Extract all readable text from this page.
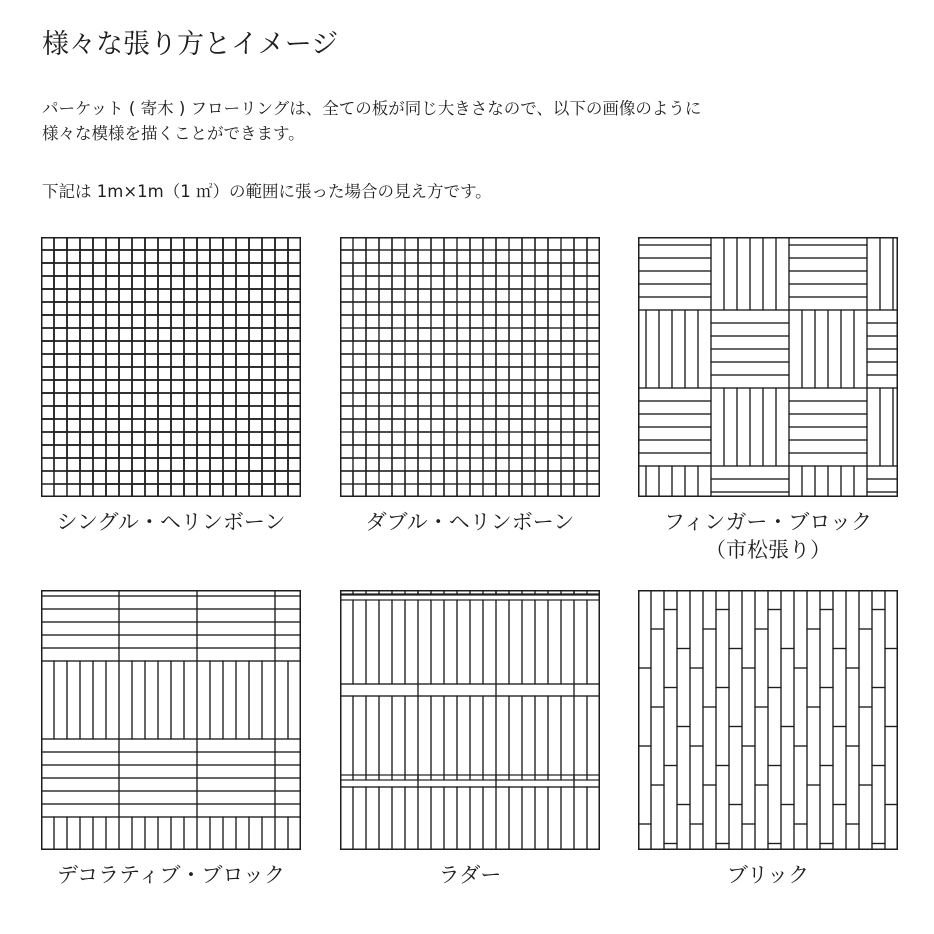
様々な張り方とイメージ

パーケット ( 寄木 ) フローリングは、全ての板が同じ大きさなので、以下の画像のように
様々な模様を描くことができます。

下記は 1m×1m（1 ㎡）の範囲に張った場合の見え方です。

シングル・ヘリンボーン	ダブル・ヘリンボーン	フィンガー・ブロック
（市松張り）
デコラティブ・ブロック	ラダー	ブリック
